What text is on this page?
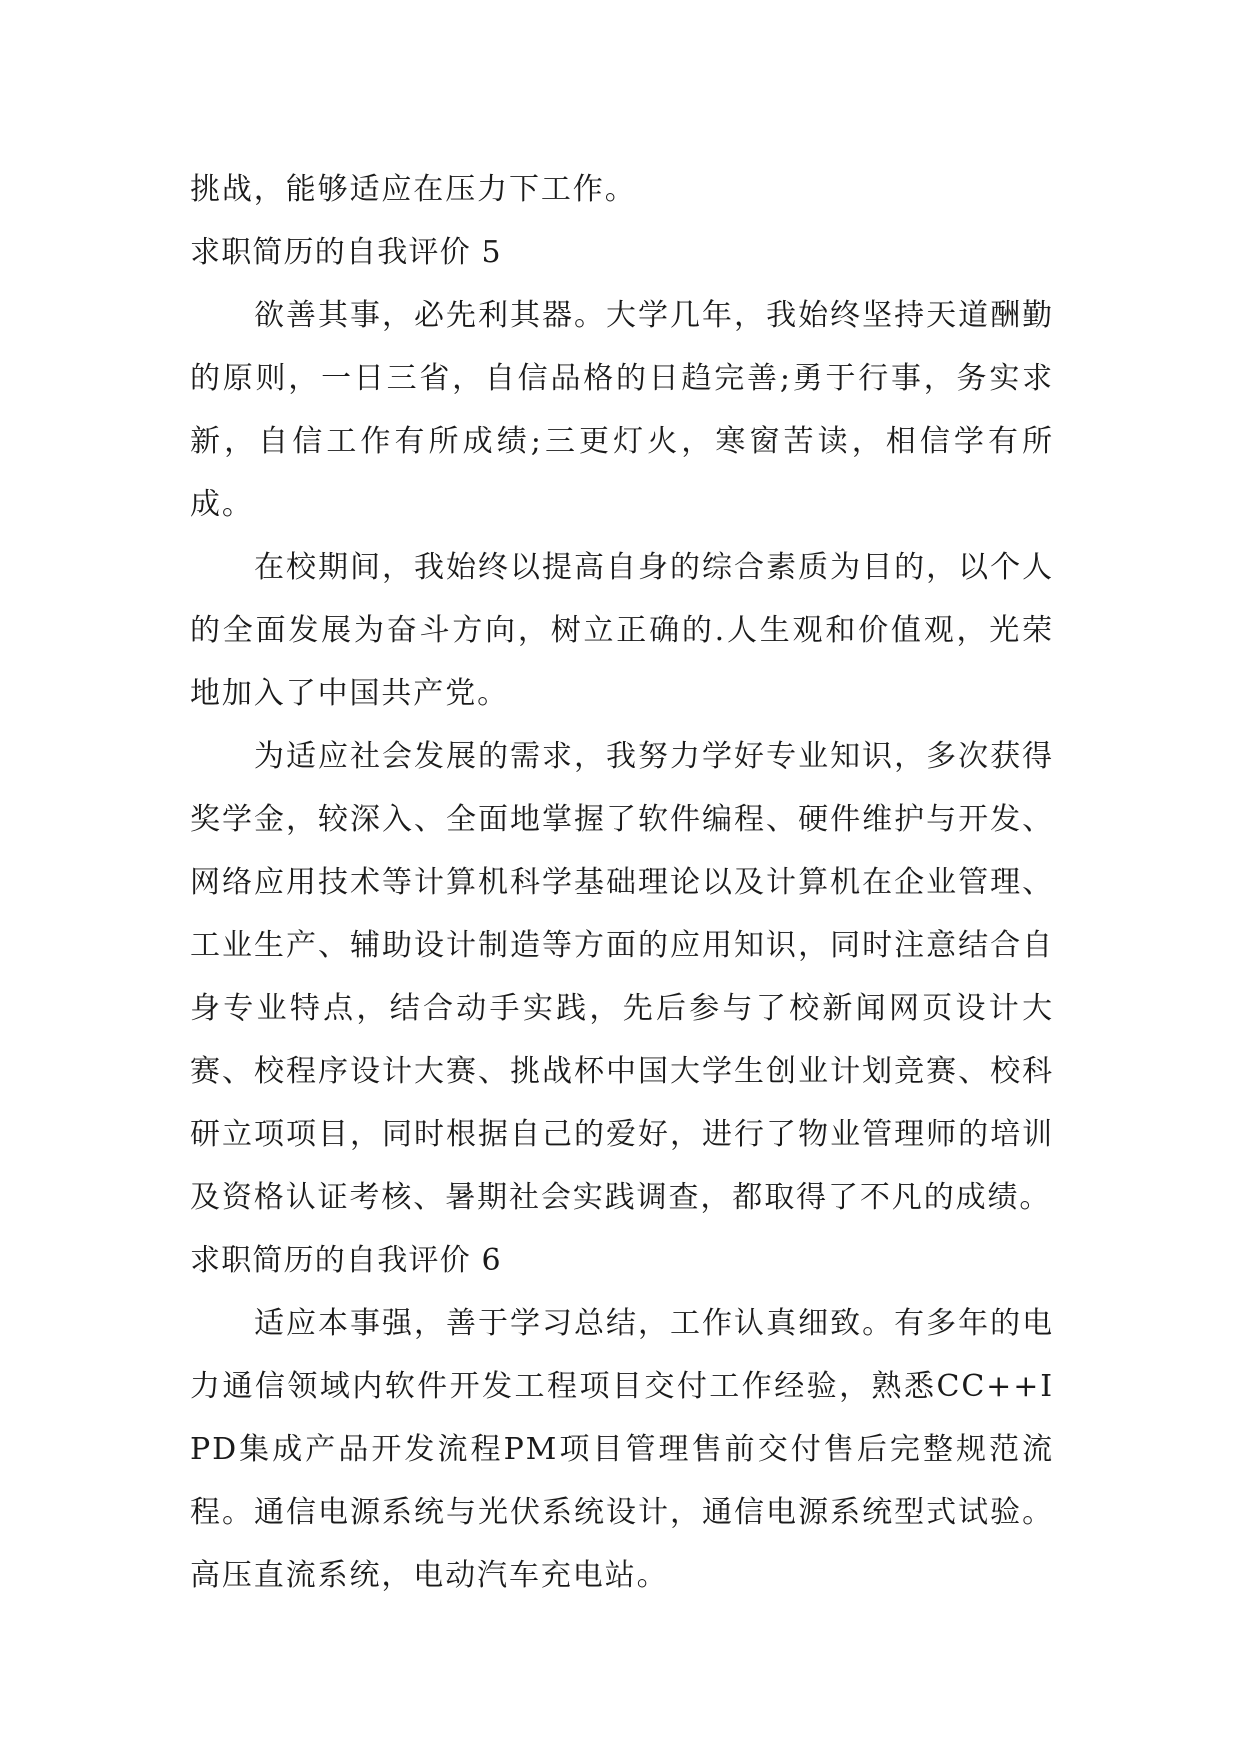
挑战，能够适应在压力下工作。

求职简历的自我评价 5

欲善其事，必先利其器。大学几年，我始终坚持天道酬勤的原则，一日三省，自信品格的日趋完善;勇于行事，务实求新，自信工作有所成绩;三更灯火，寒窗苦读，相信学有所成。

在校期间，我始终以提高自身的综合素质为目的，以个人的全面发展为奋斗方向，树立正确的.人生观和价值观，光荣地加入了中国共产党。

为适应社会发展的需求，我努力学好专业知识，多次获得奖学金，较深入、全面地掌握了软件编程、硬件维护与开发、网络应用技术等计算机科学基础理论以及计算机在企业管理、工业生产、辅助设计制造等方面的应用知识，同时注意结合自身专业特点，结合动手实践，先后参与了校新闻网页设计大赛、校程序设计大赛、挑战杯中国大学生创业计划竞赛、校科研立项项目，同时根据自己的爱好，进行了物业管理师的培训及资格认证考核、暑期社会实践调查，都取得了不凡的成绩。

求职简历的自我评价 6

适应本事强，善于学习总结，工作认真细致。有多年的电力通信领域内软件开发工程项目交付工作经验，熟悉CC++IPD集成产品开发流程PM项目管理售前交付售后完整规范流程。通信电源系统与光伏系统设计，通信电源系统型式试验。高压直流系统，电动汽车充电站。
